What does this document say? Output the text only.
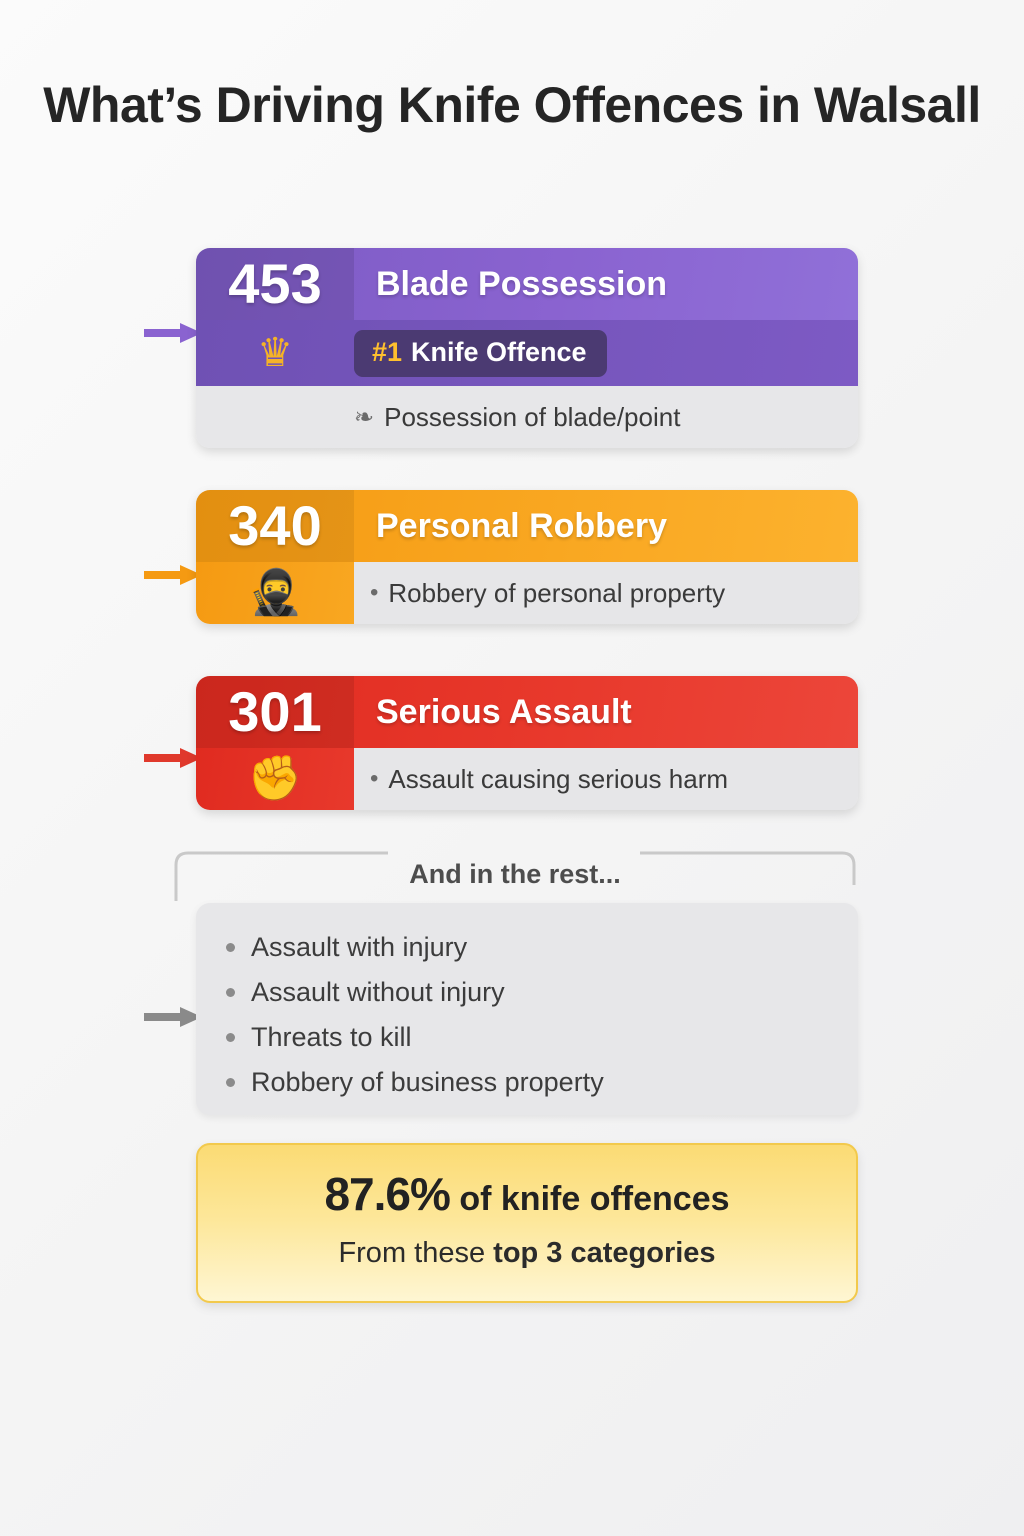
What’s Driving Knife Offences in Walsall
453	Blade Possession
♛	#1 Knife Offence
❧ Possession of blade/point
340	Personal Robbery
🥷	• Robbery of personal property
301	Serious Assault
✊	• Assault causing serious harm
And in the rest...
Assault with injury
Assault without injury
Threats to kill
Robbery of business property
87.6% of knife offences
From these top 3 categories
